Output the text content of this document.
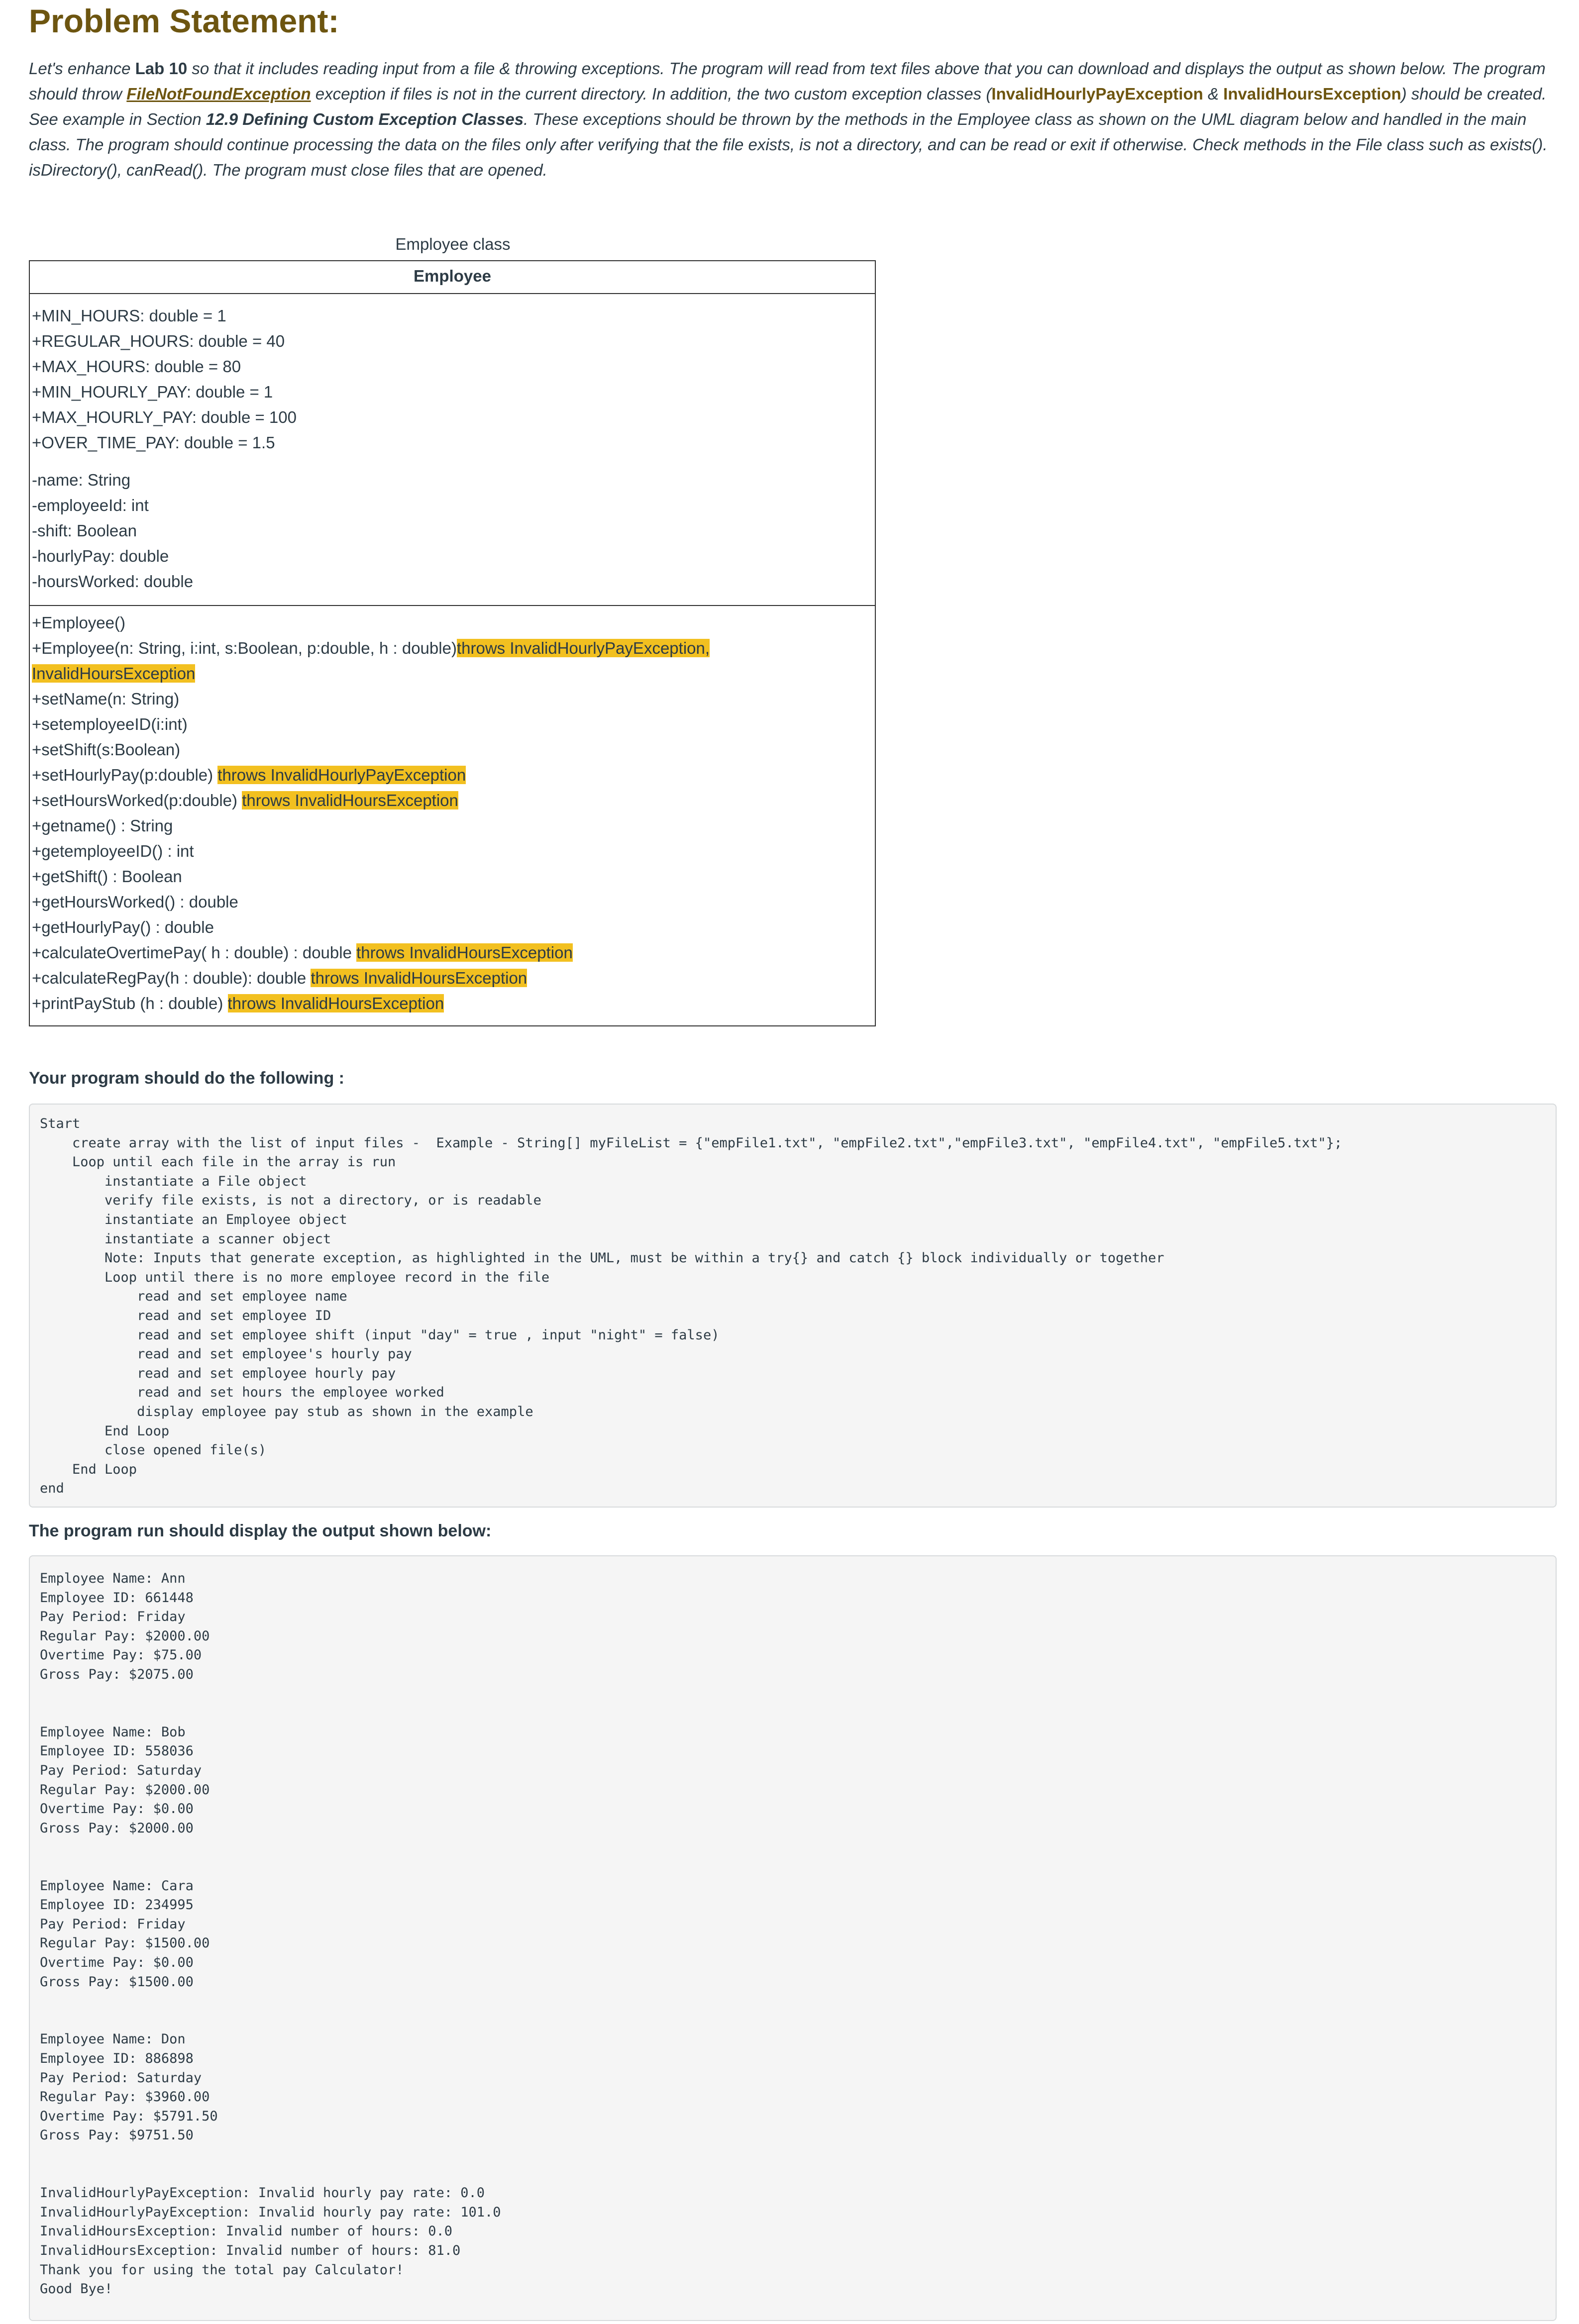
Problem Statement:
Let's enhance Lab 10 so that it includes reading input from a file & throwing exceptions. The program will read from text files above that you can download and displays the output as shown below. The program should throw FileNotFoundException exception if files is not in the current directory. In addition, the two custom exception classes (InvalidHourlyPayException & InvalidHoursException) should be created. See example in Section 12.9 Defining Custom Exception Classes. These exceptions should be thrown by the methods in the Employee class as shown on the UML diagram below and handled in the main class. The program should continue processing the data on the files only after verifying that the file exists, is not a directory, and can be read or exit if otherwise. Check methods in the File class such as exists(). isDirectory(), canRead(). The program must close files that are opened.
Employee class
Employee
+MIN_HOURS: double = 1
+REGULAR_HOURS: double = 40
+MAX_HOURS: double = 80
+MIN_HOURLY_PAY: double = 1
+MAX_HOURLY_PAY: double = 100
+OVER_TIME_PAY: double = 1.5
-name: String
-employeeId: int
-shift: Boolean
-hourlyPay: double
-hoursWorked: double
+Employee()
+Employee(n: String, i:int, s:Boolean, p:double, h : double)throws InvalidHourlyPayException,
InvalidHoursException
+setName(n: String)
+setemployeeID(i:int)
+setShift(s:Boolean)
+setHourlyPay(p:double) throws InvalidHourlyPayException
+setHoursWorked(p:double) throws InvalidHoursException
+getname() : String
+getemployeeID() : int
+getShift() : Boolean
+getHoursWorked() : double
+getHourlyPay() : double
+calculateOvertimePay( h : double) : double throws InvalidHoursException
+calculateRegPay(h : double): double throws InvalidHoursException
+printPayStub (h : double) throws InvalidHoursException
Your program should do the following :
Start
create array with the list of input files -  Example - String[] myFileList = {"empFile1.txt", "empFile2.txt","empFile3.txt", "empFile4.txt", "empFile5.txt"};
Loop until each file in the array is run
instantiate a File object
verify file exists, is not a directory, or is readable
instantiate an Employee object
instantiate a scanner object
Note: Inputs that generate exception, as highlighted in the UML, must be within a try{} and catch {} block individually or together
Loop until there is no more employee record in the file
read and set employee name
read and set employee ID
read and set employee shift (input "day" = true , input "night" = false)
read and set employee's hourly pay
read and set employee hourly pay
read and set hours the employee worked
display employee pay stub as shown in the example
End Loop
close opened file(s)
End Loop
end
The program run should display the output shown below:
Employee Name: Ann
Employee ID: 661448
Pay Period: Friday
Regular Pay: $2000.00
Overtime Pay: $75.00
Gross Pay: $2075.00
Employee Name: Bob
Employee ID: 558036
Pay Period: Saturday
Regular Pay: $2000.00
Overtime Pay: $0.00
Gross Pay: $2000.00
Employee Name: Cara
Employee ID: 234995
Pay Period: Friday
Regular Pay: $1500.00
Overtime Pay: $0.00
Gross Pay: $1500.00
Employee Name: Don
Employee ID: 886898
Pay Period: Saturday
Regular Pay: $3960.00
Overtime Pay: $5791.50
Gross Pay: $9751.50
InvalidHourlyPayException: Invalid hourly pay rate: 0.0
InvalidHourlyPayException: Invalid hourly pay rate: 101.0
InvalidHoursException: Invalid number of hours: 0.0
InvalidHoursException: Invalid number of hours: 81.0
Thank you for using the total pay Calculator!
Good Bye!
